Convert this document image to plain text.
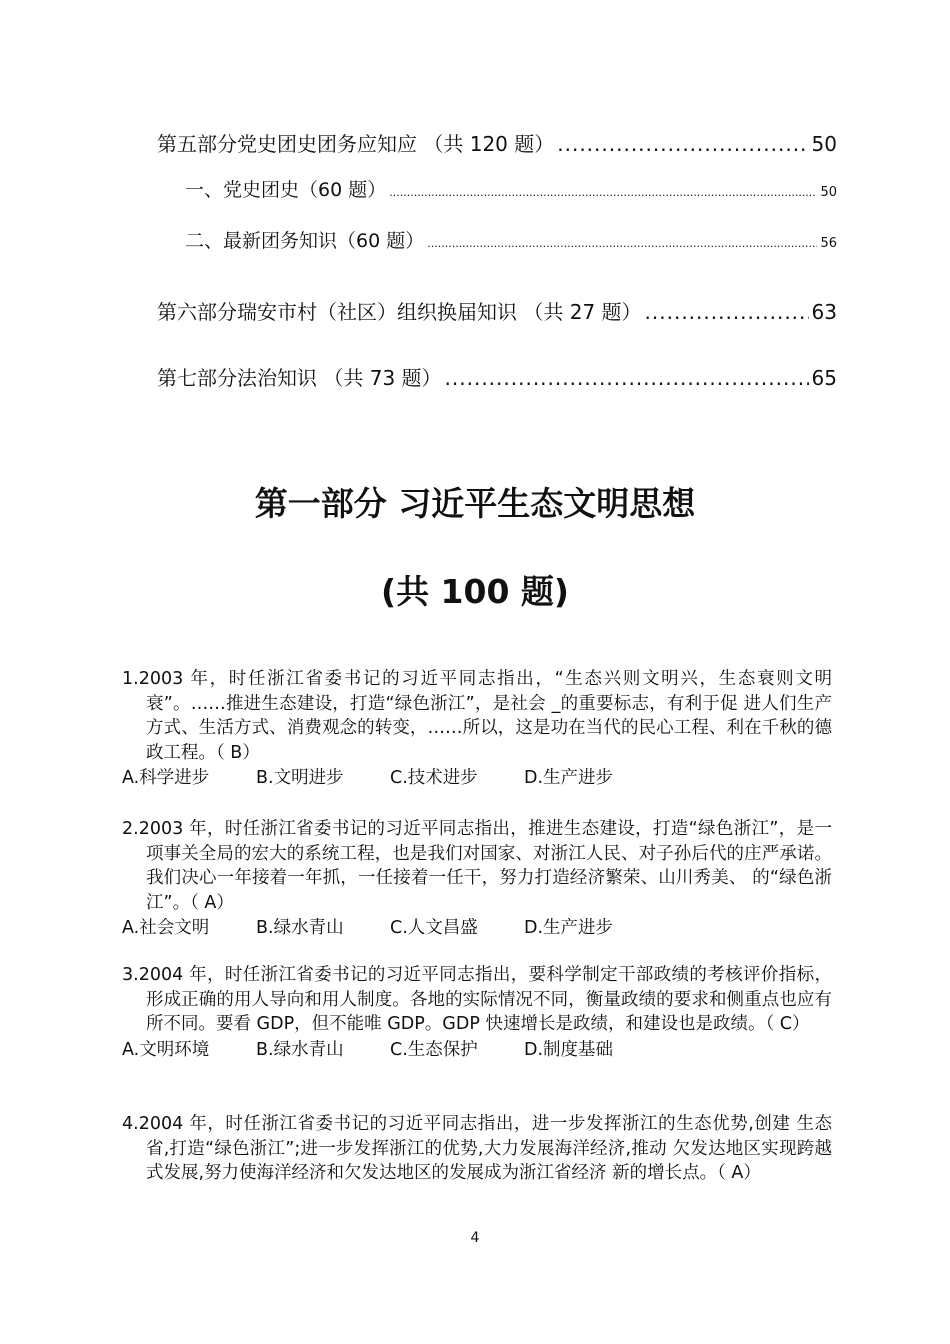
第五部分党史团史团务应知应 （共 120 题） .....	50
一、党史团史（60 题） .....	50
二、最新团务知识（60 题） .....	56
第六部分瑞安市村（社区）组织换届知识 （共 27 题） .....	63
第七部分法治知识 （共 73 题） .....	65
第一部分 习近平生态文明思想
(共 100 题)
1.2003 年，时任浙江省委书记的习近平同志指出，“生态兴则文明兴，生态衰则文明衰”。……推进生态建设，打造“绿色浙江”，是社会 _的重要标志，有利于促 进人们生产方式、生活方式、消费观念的转变，……所以，这是功在当代的民心工程、利在千秋的德政工程。（ B）
A.科学进步	B.文明进步	C.技术进步	D.生产进步
2.2003 年，时任浙江省委书记的习近平同志指出，推进生态建设，打造“绿色浙江”，是一项事关全局的宏大的系统工程，也是我们对国家、对浙江人民、对子孙后代的庄严承诺。我们决心一年接着一年抓，一任接着一任干，努力打造经济繁荣、山川秀美、 的“绿色浙江”。（ A）
A.社会文明	B.绿水青山	C.人文昌盛	D.生产进步
3.2004 年，时任浙江省委书记的习近平同志指出，要科学制定干部政绩的考核评价指标，形成正确的用人导向和用人制度。各地的实际情况不同，衡量政绩的要求和侧重点也应有所不同。要看 GDP，但不能唯 GDP。GDP 快速增长是政绩，和建设也是政绩。（ C）
A.文明环境	B.绿水青山	C.生态保护	D.制度基础
4.2004 年，时任浙江省委书记的习近平同志指出，进一步发挥浙江的生态优势,创建 生态省,打造“绿色浙江”;进一步发挥浙江的优势,大力发展海洋经济,推动 欠发达地区实现跨越式发展,努力使海洋经济和欠发达地区的发展成为浙江省经济 新的增长点。（ A）
4
